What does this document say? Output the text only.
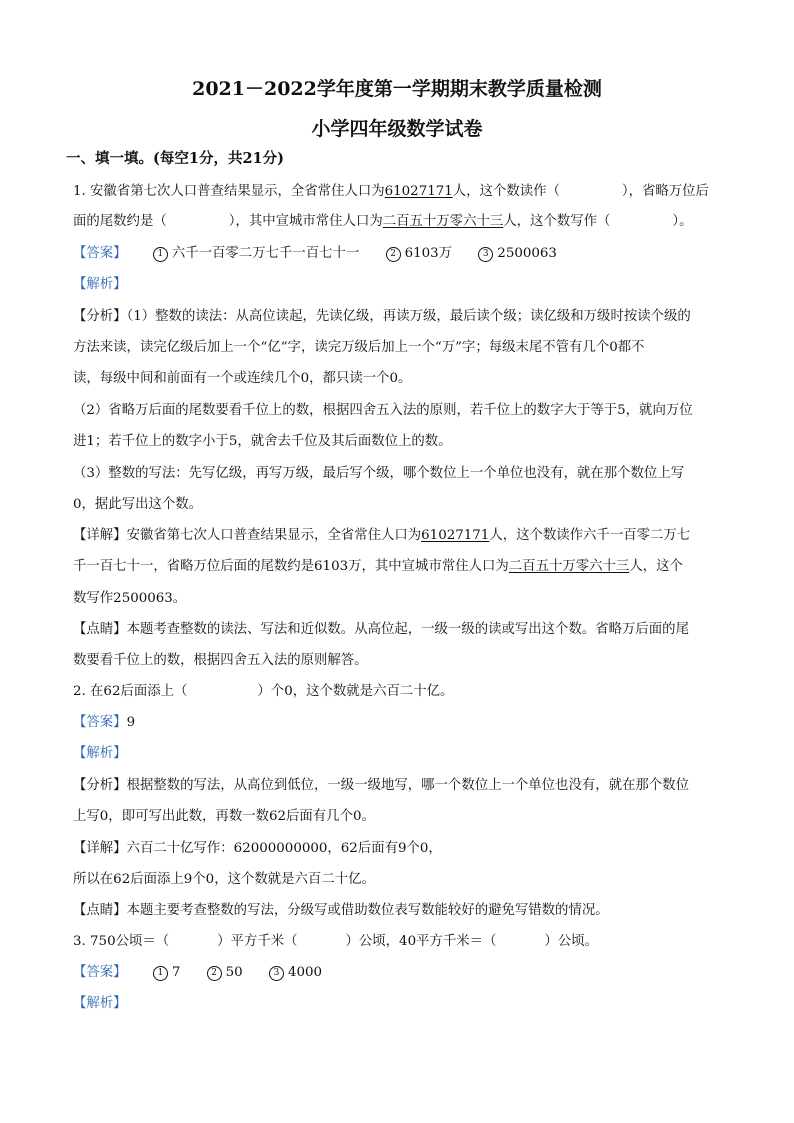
2021－2022学年度第一学期期末教学质量检测
小学四年级数学试卷
一、填一填。(每空1分，共21分)
1. 安徽省第七次人口普查结果显示，全省常住人口为61027171人，这个数读作（	），省略万位后
面的尾数约是（	），其中宣城市常住人口为二百五十万零六十三人，这个数写作（	）。
【答案】	1 六千一百零二万七千一百七十一	2 6103万	3 2500063
【解析】
【分析】（1）整数的读法：从高位读起，先读亿级，再读万级，最后读个级；读亿级和万级时按读个级的
方法来读，读完亿级后加上一个“亿”字，读完万级后加上一个“万”字；每级末尾不管有几个0都不
读，每级中间和前面有一个或连续几个0，都只读一个0。
（2）省略万后面的尾数要看千位上的数，根据四舍五入法的原则，若千位上的数字大于等于5，就向万位
进1；若千位上的数字小于5，就舍去千位及其后面数位上的数。
（3）整数的写法：先写亿级，再写万级，最后写个级，哪个数位上一个单位也没有，就在那个数位上写
0，据此写出这个数。
【详解】安徽省第七次人口普查结果显示，全省常住人口为61027171人，这个数读作六千一百零二万七
千一百七十一，省略万位后面的尾数约是6103万，其中宣城市常住人口为二百五十万零六十三人，这个
数写作2500063。
【点睛】本题考查整数的读法、写法和近似数。从高位起，一级一级的读或写出这个数。省略万后面的尾
数要看千位上的数，根据四舍五入法的原则解答。
2. 在62后面添上（	）个0，这个数就是六百二十亿。
【答案】9
【解析】
【分析】根据整数的写法，从高位到低位，一级一级地写，哪一个数位上一个单位也没有，就在那个数位
上写0，即可写出此数，再数一数62后面有几个0。
【详解】六百二十亿写作：62000000000，62后面有9个0，
所以在62后面添上9个0，这个数就是六百二十亿。
【点睛】本题主要考查整数的写法，分级写或借助数位表写数能较好的避免写错数的情况。
3. 750公顷＝（	）平方千米（	）公顷，40平方千米＝（	）公顷。
【答案】	1 7	2 50	3 4000
【解析】
